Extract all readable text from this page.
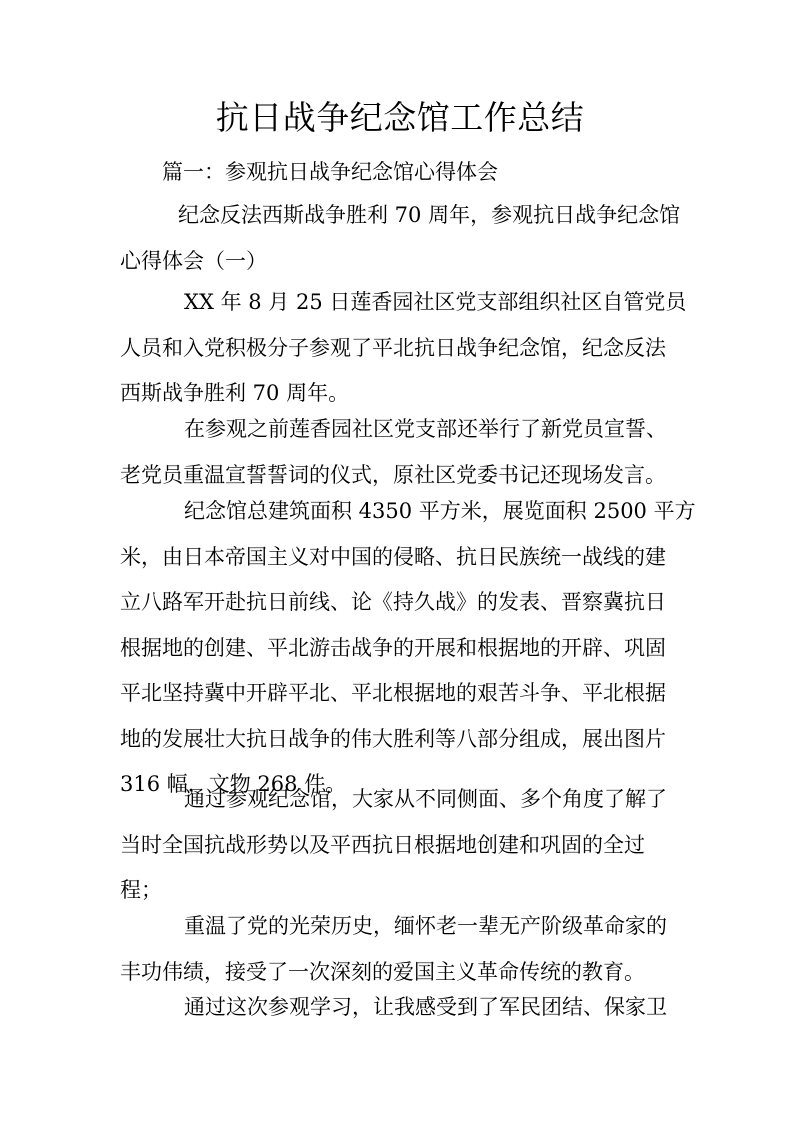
抗日战争纪念馆工作总结
篇一：参观抗日战争纪念馆心得体会
纪念反法西斯战争胜利 70 周年，参观抗日战争纪念馆
心得体会（一）
XX 年 8 月 25 日莲香园社区党支部组织社区自管党员
人员和入党积极分子参观了平北抗日战争纪念馆，纪念反法
西斯战争胜利 70 周年。
在参观之前莲香园社区党支部还举行了新党员宣誓、
老党员重温宣誓誓词的仪式，原社区党委书记还现场发言。
纪念馆总建筑面积 4350 平方米，展览面积 2500 平方
米，由日本帝国主义对中国的侵略、抗日民族统一战线的建
立八路军开赴抗日前线、论《持久战》的发表、晋察冀抗日
根据地的创建、平北游击战争的开展和根据地的开辟、巩固
平北坚持冀中开辟平北、平北根据地的艰苦斗争、平北根据
地的发展壮大抗日战争的伟大胜利等八部分组成，展出图片
316 幅，文物 268 件。
通过参观纪念馆，大家从不同侧面、多个角度了解了
当时全国抗战形势以及平西抗日根据地创建和巩固的全过
程；
重温了党的光荣历史，缅怀老一辈无产阶级革命家的
丰功伟绩，接受了一次深刻的爱国主义革命传统的教育。
通过这次参观学习，让我感受到了军民团结、保家卫
